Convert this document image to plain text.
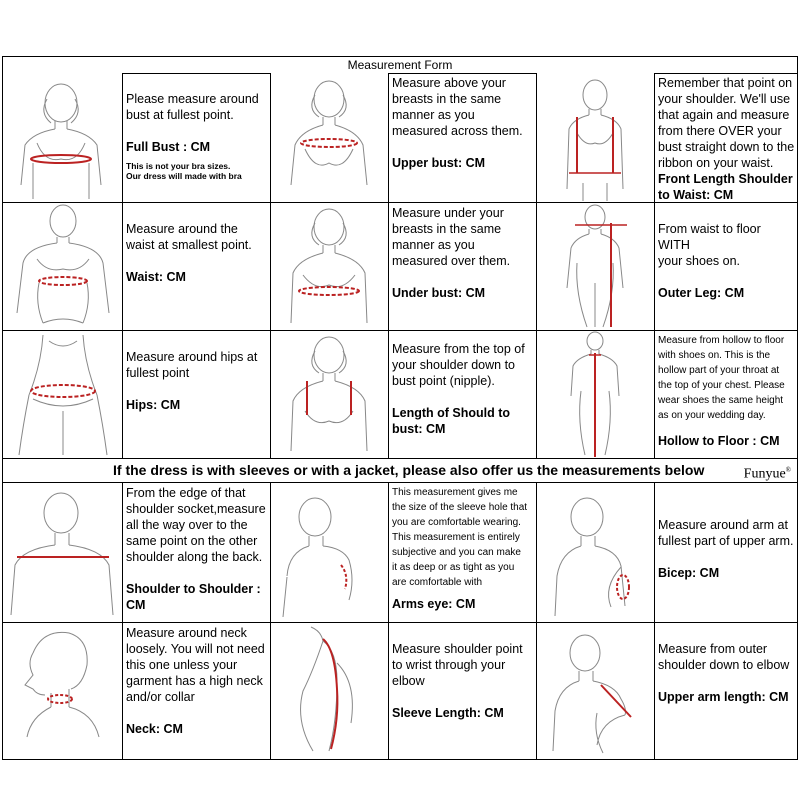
Measurement Form

Please measure around

bust at fullest point.

Full Bust : CM

This is not your bra sizes.

Our dress will made with bra

Measure above your

breasts in the same

manner as you

measured across them.

Upper bust: CM

Remember that point on

your shoulder. We'll use

that again and measure

from there OVER your

bust straight down to the

ribbon on your waist.

Front Length Shoulder to Waist: CM

Measure around the

waist at smallest point.

Waist: CM

Measure under your

breasts in the same

manner as you

measured over them.

Under bust: CM

From waist to floor WITH

your shoes on.

Outer Leg: CM

Measure around hips at

fullest point

Hips: CM

Measure from the top of

your shoulder down to

bust point (nipple).

Length of Should to bust: CM

Measure from hollow to floor

with shoes on. This is the

hollow part of your throat at

the top of your chest. Please

wear shoes the same height

as on your wedding day.

Hollow to Floor : CM

If the dress is with sleeves or with a jacket, please also offer us the measurements below	Funyue®

From the edge of that

shoulder socket,measure

all the way over to the

same point on the other

shoulder along the back.

Shoulder to Shoulder : CM

This measurement gives me

the size of the sleeve hole that

you are comfortable wearing.

This measurement is entirely

subjective and you can make

it as deep or as tight as you

are comfortable with

Arms eye: CM

Measure around arm at

fullest part of upper arm.

Bicep: CM

Measure around neck

loosely. You will not need

this one unless your

garment has a high neck

and/or collar

Neck: CM

Measure shoulder point

to wrist through your

elbow

Sleeve Length: CM

Measure from outer

shoulder down to elbow

Upper arm length: CM
